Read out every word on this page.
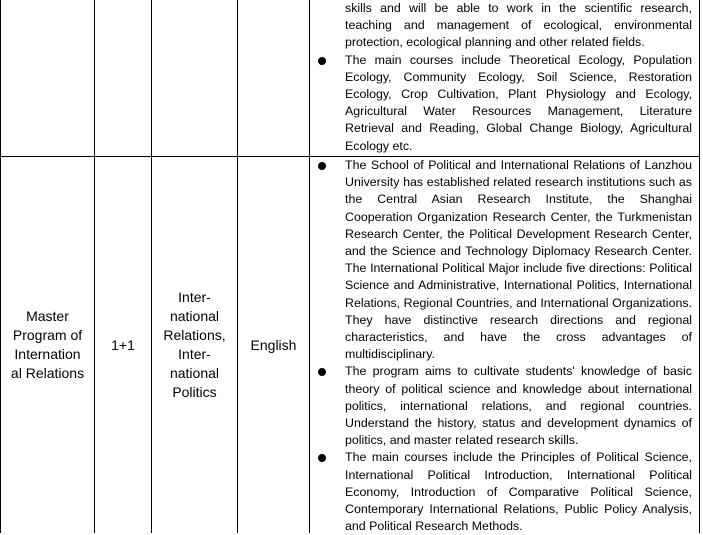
skills and will be able to work in the scientific research, teaching and management of ecological, environmental protection, ecological planning and other related fields.

The main courses include Theoretical Ecology, Population Ecology, Community Ecology, Soil Science, Restoration Ecology, Crop Cultivation, Plant Physiology and Ecology, Agricultural Water Resources Management, Literature Retrieval and Reading, Global Change Biology, Agricultural Ecology etc.
Master
Program of
Internation
al Relations
1+1
Inter-
national
Relations,
Inter-
national
Politics
English
The School of Political and International Relations of Lanzhou University has established related research institutions such as the Central Asian Research Institute, the Shanghai Cooperation Organization Research Center, the Turkmenistan Research Center, the Political Development Research Center, and the Science and Technology Diplomacy Research Center. The International Political Major include five directions: Political Science and Administrative, International Politics, International Relations, Regional Countries, and International Organizations. They have distinctive research directions and regional characteristics, and have the cross advantages of multidisciplinary.
The program aims to cultivate students' knowledge of basic theory of political science and knowledge about international politics, international relations, and regional countries. Understand the history, status and development dynamics of politics, and master related research skills.
The main courses include the Principles of Political Science, International Political Introduction, International Political Economy, Introduction of Comparative Political Science, Contemporary International Relations, Public Policy Analysis, and Political Research Methods.
